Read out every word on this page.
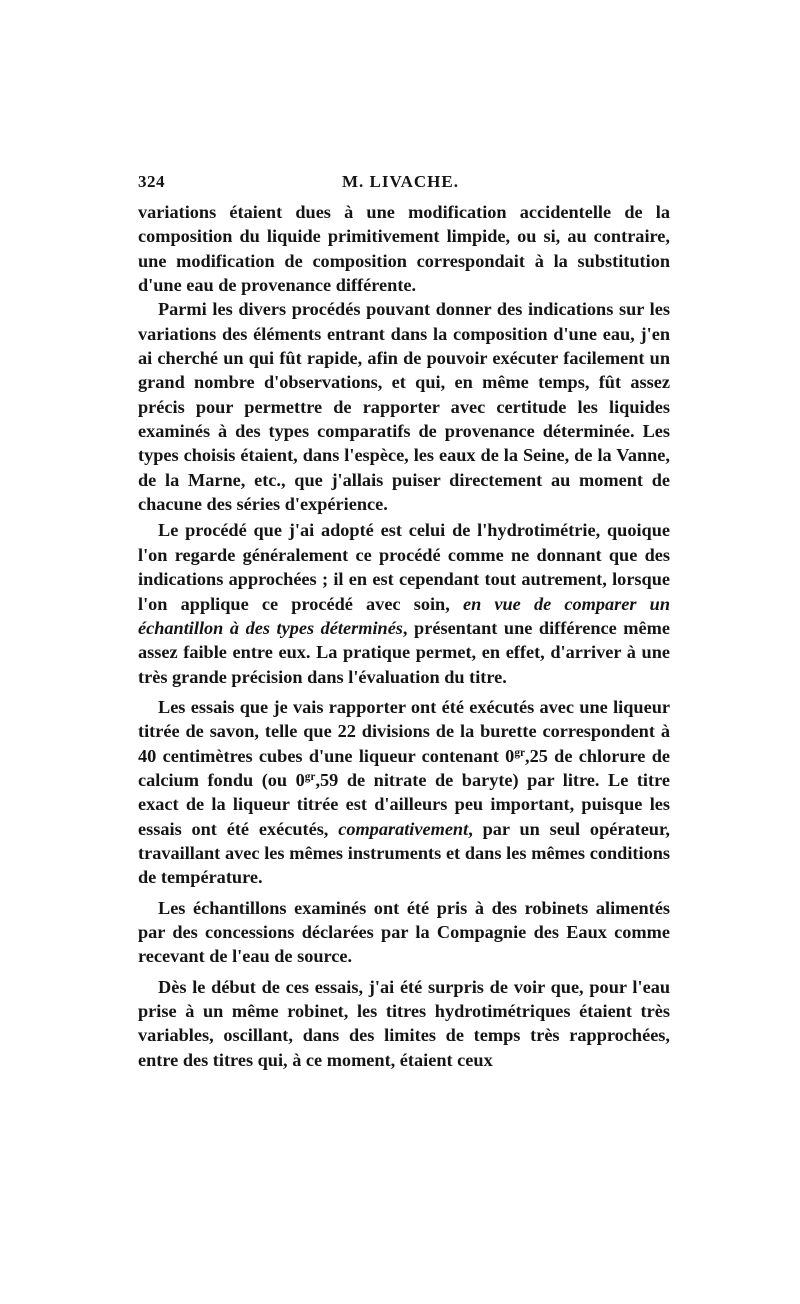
324	M. LIVACHE.

variations étaient dues à une modification accidentelle de la composition du liquide primitivement limpide, ou si, au contraire, une modification de composition correspondait à la substitution d'une eau de provenance différente.

Parmi les divers procédés pouvant donner des indications sur les variations des éléments entrant dans la composition d'une eau, j'en ai cherché un qui fût rapide, afin de pouvoir exécuter facilement un grand nombre d'observations, et qui, en même temps, fût assez précis pour permettre de rapporter avec certitude les liquides examinés à des types comparatifs de provenance déterminée. Les types choisis étaient, dans l'espèce, les eaux de la Seine, de la Vanne, de la Marne, etc., que j'allais puiser directement au moment de chacune des séries d'expérience.

Le procédé que j'ai adopté est celui de l'hydrotimétrie, quoique l'on regarde généralement ce procédé comme ne donnant que des indications approchées ; il en est cependant tout autrement, lorsque l'on applique ce procédé avec soin, en vue de comparer un échantillon à des types déterminés, présentant une différence même assez faible entre eux. La pratique permet, en effet, d'arriver à une très grande précision dans l'évaluation du titre.

Les essais que je vais rapporter ont été exécutés avec une liqueur titrée de savon, telle que 22 divisions de la burette correspondent à 40 centimètres cubes d'une liqueur contenant $0^{gr},25$ de chlorure de calcium fondu (ou $0^{gr},59$ de nitrate de baryte) par litre. Le titre exact de la liqueur titrée est d'ailleurs peu important, puisque les essais ont été exécutés, comparativement, par un seul opérateur, travaillant avec les mêmes instruments et dans les mêmes conditions de température.

Les échantillons examinés ont été pris à des robinets alimentés par des concessions déclarées par la Compagnie des Eaux comme recevant de l'eau de source.

Dès le début de ces essais, j'ai été surpris de voir que, pour l'eau prise à un même robinet, les titres hydrotimétriques étaient très variables, oscillant, dans des limites de temps très rapprochées, entre des titres qui, à ce moment, étaient ceux
